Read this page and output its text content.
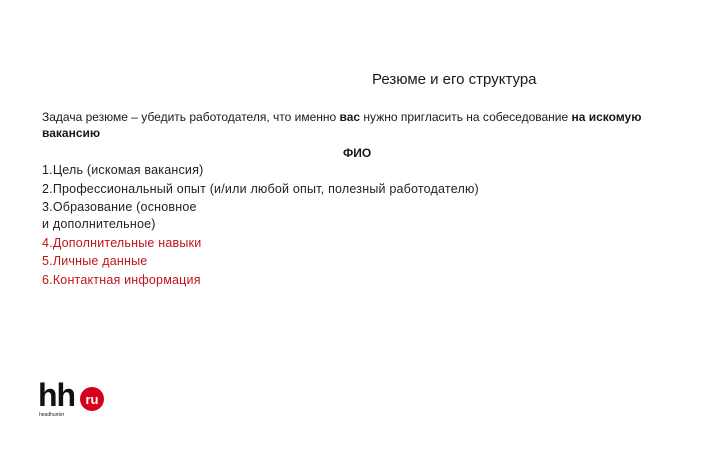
Резюме и его структура
Задача резюме – убедить работодателя, что именно вас нужно пригласить на собеседование на искомую вакансию
ФИО
1.Цель (искомая вакансия)
2.Профессиональный опыт (и/или любой опыт, полезный работодателю)
3.Образование (основное
и дополнительное)
4.Дополнительные навыки
5.Личные данные
6.Контактная информация
hh ru
headhunter
